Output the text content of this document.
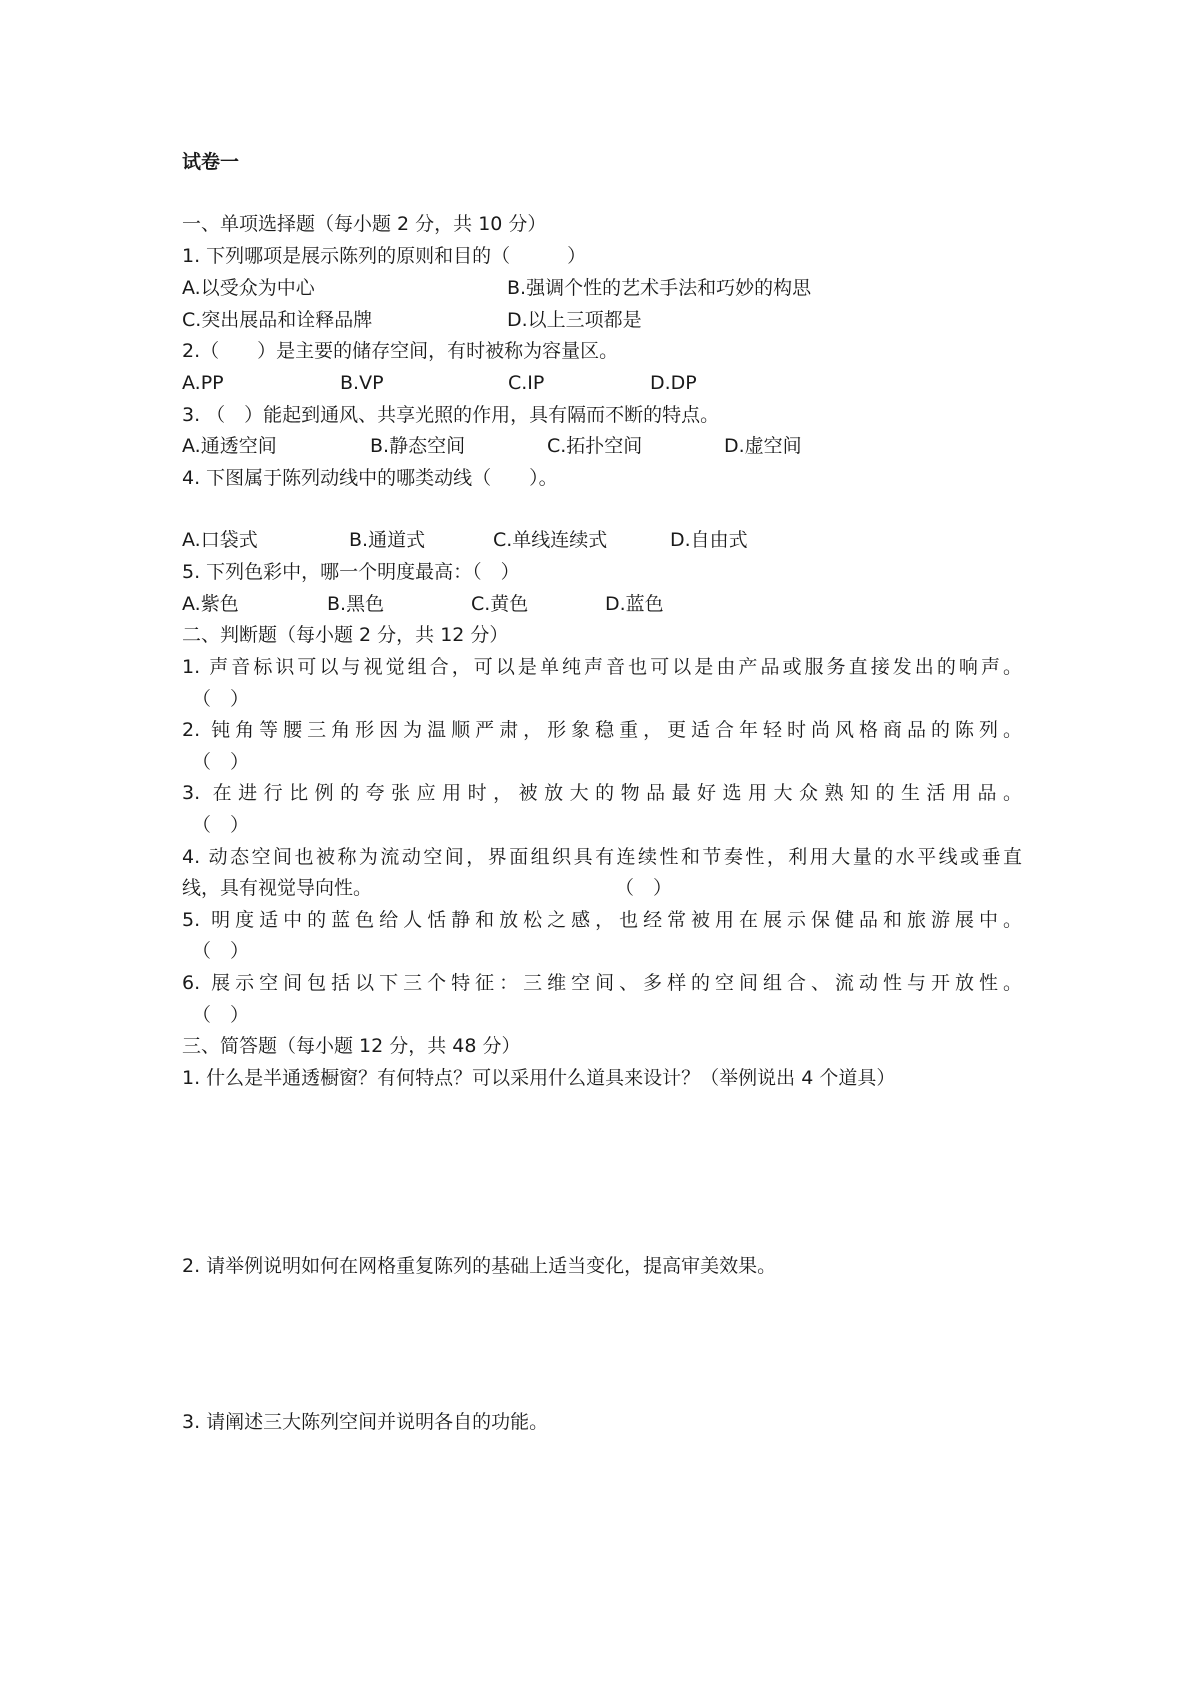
试卷一
一、单项选择题（每小题 2 分，共 10 分）
1. 下列哪项是展示陈列的原则和目的（　　　）
A.以受众为中心	B.强调个性的艺术手法和巧妙的构思
C.突出展品和诠释品牌	D.以上三项都是
2.（　　）是主要的储存空间，有时被称为容量区。
A.PP	B.VP	C.IP	D.DP
3. （　）能起到通风、共享光照的作用，具有隔而不断的特点。
A.通透空间	B.静态空间	C.拓扑空间	D.虚空间
4. 下图属于陈列动线中的哪类动线（　　）。
A.口袋式	B.通道式	C.单线连续式	D.自由式
5. 下列色彩中，哪一个明度最高：（　）
A.紫色	B.黑色	C.黄色	D.蓝色
二、判断题（每小题 2 分，共 12 分）
1. 声音标识可以与视觉组合，可以是单纯声音也可以是由产品或服务直接发出的响声。
（　）
2. 钝角等腰三角形因为温顺严肃，形象稳重，更适合年轻时尚风格商品的陈列。
（　）
3. 在进行比例的夸张应用时，被放大的物品最好选用大众熟知的生活用品。
（　）
4. 动态空间也被称为流动空间，界面组织具有连续性和节奏性，利用大量的水平线或垂直
线，具有视觉导向性。	（　）
5. 明度适中的蓝色给人恬静和放松之感，也经常被用在展示保健品和旅游展中。
（　）
6. 展示空间包括以下三个特征：三维空间、多样的空间组合、流动性与开放性。
（　）
三、简答题（每小题 12 分，共 48 分）
1. 什么是半通透橱窗？有何特点？可以采用什么道具来设计？（举例说出 4 个道具）
2. 请举例说明如何在网格重复陈列的基础上适当变化，提高审美效果。
3. 请阐述三大陈列空间并说明各自的功能。
